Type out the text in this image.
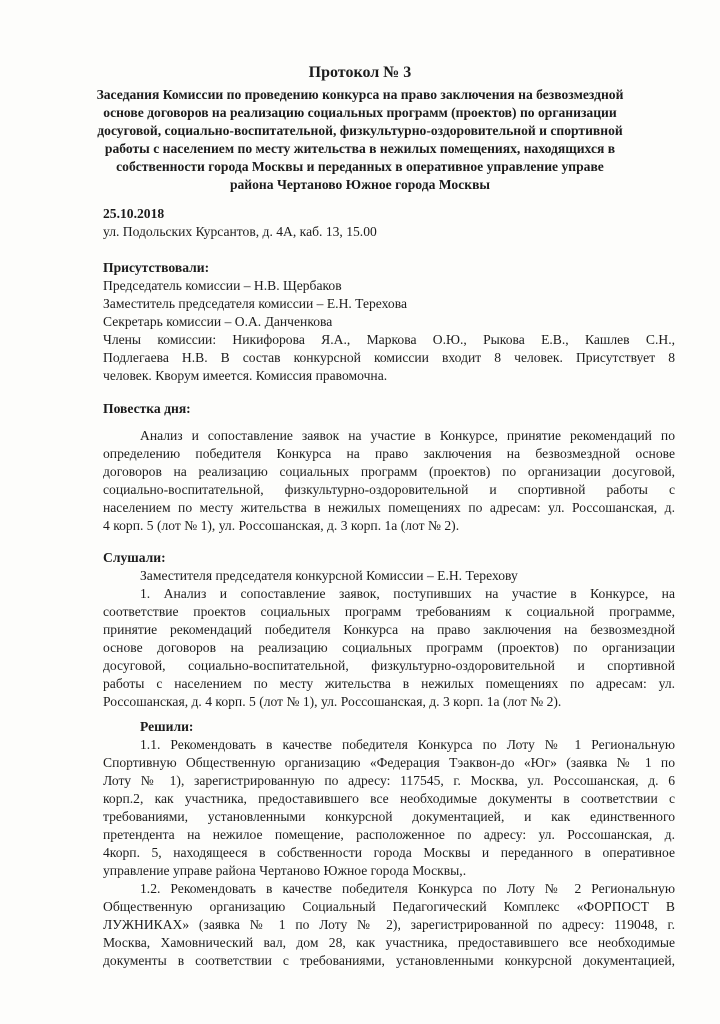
Протокол № 3
Заседания Комиссии по проведению конкурса на право заключения на безвозмездной
основе договоров на реализацию социальных программ (проектов) по организации
досуговой, социально-воспитательной, физкультурно-оздоровительной и спортивной
работы с населением по месту жительства в нежилых помещениях, находящихся в
собственности города Москвы и переданных в оперативное управление управе
района Чертаново Южное города Москвы
25.10.2018
ул. Подольских Курсантов, д. 4А, каб. 13, 15.00
Присутствовали:
Председатель комиссии – Н.В. Щербаков
Заместитель председателя комиссии – Е.Н. Терехова
Секретарь комиссии – О.А. Данченкова
Члены комиссии: Никифорова Я.А., Маркова О.Ю., Рыкова Е.В., Кашлев С.Н.,
Подлегаева Н.В. В состав конкурсной комиссии входит 8 человек. Присутствует 8
человек. Кворум имеется. Комиссия правомочна.
Повестка дня:
Анализ и сопоставление заявок на участие в Конкурсе, принятие рекомендаций по
определению победителя Конкурса на право заключения на безвозмездной основе
договоров на реализацию социальных программ (проектов) по организации досуговой,
социально-воспитательной, физкультурно-оздоровительной и спортивной работы с
населением по месту жительства в нежилых помещениях по адресам: ул. Россошанская, д.
4 корп. 5 (лот № 1), ул. Россошанская, д. 3 корп. 1а (лот № 2).
Слушали:
Заместителя председателя конкурсной Комиссии – Е.Н. Терехову
1. Анализ и сопоставление заявок, поступивших на участие в Конкурсе, на
соответствие проектов социальных программ требованиям к социальной программе,
принятие рекомендаций победителя Конкурса на право заключения на безвозмездной
основе договоров на реализацию социальных программ (проектов) по организации
досуговой, социально-воспитательной, физкультурно-оздоровительной и спортивной
работы с населением по месту жительства в нежилых помещениях по адресам: ул.
Россошанская, д. 4 корп. 5 (лот № 1), ул. Россошанская, д. 3 корп. 1а (лот № 2).
Решили:
1.1. Рекомендовать в качестве победителя Конкурса по Лоту № 1 Региональную
Спортивную Общественную организацию «Федерация Тэаквон-до «Юг» (заявка № 1 по
Лоту № 1), зарегистрированную по адресу: 117545, г. Москва, ул. Россошанская, д. 6
корп.2, как участника, предоставившего все необходимые документы в соответствии с
требованиями, установленными конкурсной документацией, и как единственного
претендента на нежилое помещение, расположенное по адресу: ул. Россошанская, д.
4корп. 5, находящееся в собственности города Москвы и переданного в оперативное
управление управе района Чертаново Южное города Москвы,.
1.2. Рекомендовать в качестве победителя Конкурса по Лоту № 2 Региональную
Общественную организацию Социальный Педагогический Комплекс «ФОРПОСТ В
ЛУЖНИКАХ» (заявка № 1 по Лоту № 2), зарегистрированной по адресу: 119048, г.
Москва, Хамовнический вал, дом 28, как участника, предоставившего все необходимые
документы в соответствии с требованиями, установленными конкурсной документацией,
